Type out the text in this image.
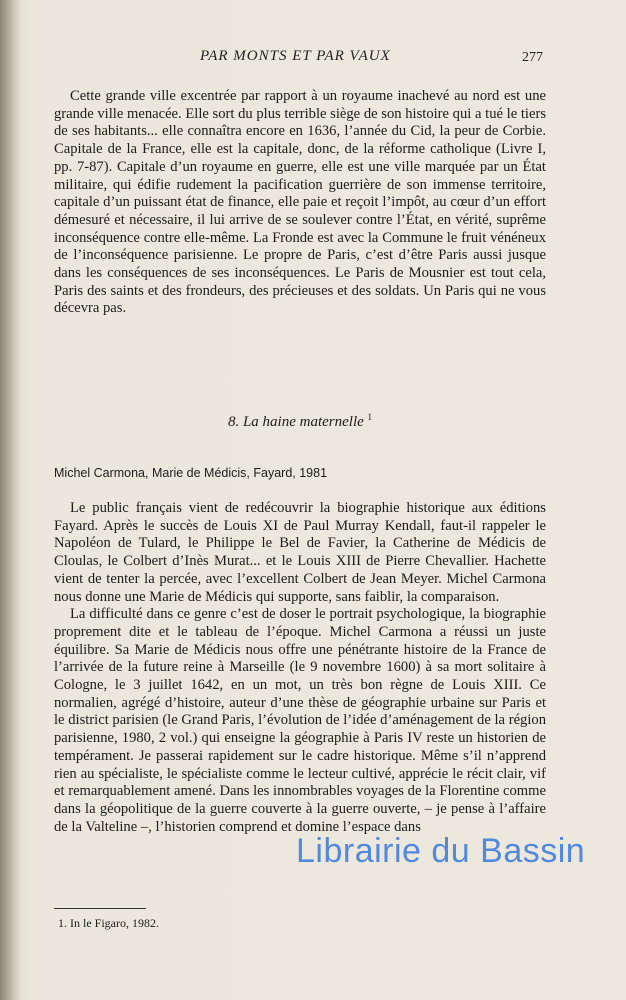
PAR MONTS ET PAR VAUX	277

Cette grande ville excentrée par rapport à un royaume inachevé au nord est une grande ville menacée. Elle sort du plus terrible siège de son histoire qui a tué le tiers de ses habitants... elle connaîtra encore en 1636, l’année du Cid, la peur de Corbie. Capitale de la France, elle est la capitale, donc, de la réforme catholique (Livre I, pp. 7-87). Capitale d’un royaume en guerre, elle est une ville marquée par un État militaire, qui édifie rudement la pacification guerrière de son immense territoire, capitale d’un puissant état de finance, elle paie et reçoit l’impôt, au cœur d’un effort démesuré et nécessaire, il lui arrive de se soulever contre l’État, en vérité, suprême inconséquence contre elle-même. La Fronde est avec la Commune le fruit vénéneux de l’inconséquence parisienne. Le propre de Paris, c’est d’être Paris aussi jusque dans les conséquences de ses inconséquences. Le Paris de Mousnier est tout cela, Paris des saints et des frondeurs, des précieuses et des soldats. Un Paris qui ne vous décevra pas.

8. La haine maternelle $^1$
Michel Carmona, Marie de Médicis, Fayard, 1981

Le public français vient de redécouvrir la biographie historique aux éditions Fayard. Après le succès de Louis XI de Paul Murray Kendall, faut-il rappeler le Napoléon de Tulard, le Philippe le Bel de Favier, la Catherine de Médicis de Cloulas, le Colbert d’Inès Murat... et le Louis XIII de Pierre Chevallier. Hachette vient de tenter la percée, avec l’excellent Colbert de Jean Meyer. Michel Carmona nous donne une Marie de Médicis qui supporte, sans faiblir, la comparaison.

La difficulté dans ce genre c’est de doser le portrait psychologique, la biographie proprement dite et le tableau de l’époque. Michel Carmona a réussi un juste équilibre. Sa Marie de Médicis nous offre une pénétrante histoire de la France de l’arrivée de la future reine à Marseille (le 9 novembre 1600) à sa mort solitaire à Cologne, le 3 juillet 1642, en un mot, un très bon règne de Louis XIII. Ce normalien, agrégé d’histoire, auteur d’une thèse de géographie urbaine sur Paris et le district parisien (le Grand Paris, l’évolution de l’idée d’aménagement de la région parisienne, 1980, 2 vol.) qui enseigne la géographie à Paris IV reste un historien de tempérament. Je passerai rapidement sur le cadre historique. Même s’il n’apprend rien au spécialiste, le spécialiste comme le lecteur cultivé, apprécie le récit clair, vif et remarquablement amené. Dans les innombrables voyages de la Florentine comme dans la géopolitique de la guerre couverte à la guerre ouverte, – je pense à l’affaire de la Valteline –, l’historien comprend et domine l’espace dans

1. In le Figaro, 1982.
Librairie du Bassin
